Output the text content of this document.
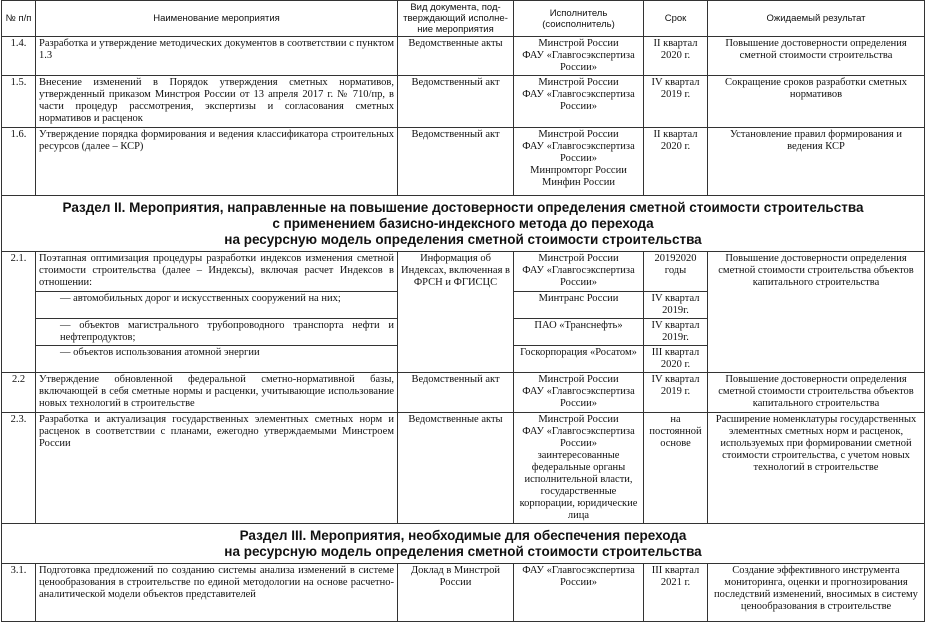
№ п/п	Наименование мероприятия	Вид документа, под-тверждающий исполне-ние мероприятия	Исполнитель (соисполнитель)	Срок	Ожидаемый результат
1.4.	Разработка и утверждение методических документов в соответствии с пунктом 1.3	Ведомственные акты	Минстрой России
ФАУ «Главгосэкспертиза России»	II квартал 2020 г.	Повышение достоверности определения сметной стоимости строительства
1.5.	Внесение изменений в Порядок утверждения сметных нормативов, утвержденный приказом Минстроя России от 13 апреля 2017 г. № 710/пр, в части процедур рассмотрения, экспертизы и согласования сметных нормативов и расценок	Ведомственный акт	Минстрой России
ФАУ «Главгосэкспертиза России»	IV квартал 2019 г.	Сокращение сроков разработки сметных нормативов
1.6.	Утверждение порядка формирования и ведения классификатора строительных ресурсов (далее – КСР)	Ведомственный акт	Минстрой России
ФАУ «Главгосэкспертиза России»
Минпромторг России
Минфин России	II квартал 2020 г.	Установление правил формирования и ведения КСР

Раздел II. Мероприятия, направленные на повышение достоверности определения сметной стоимости строительства
с применением базисно-индексного метода до перехода
на ресурсную модель определения сметной стоимости строительства					

2.1.	Поэтапная оптимизация процедуры разработки индексов изменения сметной стоимости строительства (далее – Индексы), включая расчет Индексов в отношении:	Информация об Индексах, включенная в ФРСН и ФГИСЦС	Минстрой России
ФАУ «Главгосэкспертиза России»	20192020 годы	Повышение достоверности определения сметной стоимости строительства объектов капитального строительства
	— автомобильных дорог и искусственных сооружений на них;		Минтранс России	IV квартал 2019г.	
	— объектов магистрального трубопроводного транспорта нефти и нефтепродуктов;		ПАО «Транснефть»	IV квартал 2019г.	
	— объектов использования атомной энергии		Госкорпорация «Росатом»	III квартал 2020 г.	
2.2	Утверждение обновленной федеральной сметно-нормативной базы, включающей в себя сметные нормы и расценки, учитывающие использование новых технологий в строительстве	Ведомственный акт	Минстрой России
ФАУ «Главгосэкспертиза России»	IV квартал 2019 г.	Повышение достоверности определения сметной стоимости строительства объектов капитального строительства
2.3.	Разработка и актуализация государственных элементных сметных норм и расценок в соответствии с планами, ежегодно утверждаемыми Минстроем России	Ведомственные акты	Минстрой России
ФАУ «Главгосэкспертиза России»
заинтересованные федеральные органы исполнительной власти, государственные корпорации, юридические лица	на постоянной основе	Расширение номенклатуры государственных элементных сметных норм и расценок, используемых при формировании сметной стоимости строительства, с учетом новых технологий в строительстве

Раздел III. Мероприятия, необходимые для обеспечения перехода
на ресурсную модель определения сметной стоимости строительства					

3.1.	Подготовка предложений по созданию системы анализа изменений в системе ценообразования в строительстве по единой методологии на основе расчетно-аналитической модели объектов представителей	Доклад в Минстрой России	ФАУ «Главгосэкспертиза России»	III квартал 2021 г.	Создание эффективного инструмента мониторинга, оценки и прогнозирования последствий изменений, вносимых в систему ценообразования в строительстве
